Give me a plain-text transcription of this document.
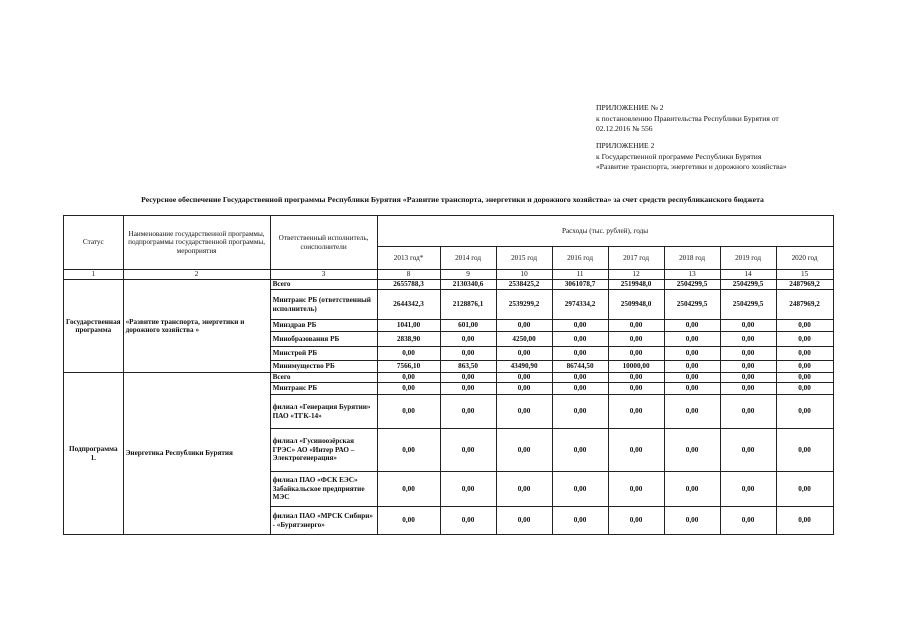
ПРИЛОЖЕНИЕ № 2
к постановлению Правительства Республики Бурятия от
02.12.2016 № 556
ПРИЛОЖЕНИЕ 2
к Государственной программе Республики Бурятия
«Развитие транспорта, энергетики и дорожного хозяйства»
Ресурсное обеспечение Государственной программы Республики Бурятия «Развитие транспорта, энергетики и дорожного хозяйства» за счет средств республиканского бюджета
Статус	Наименование государственной программы, подпрограммы государственной программы, мероприятия	Ответственный исполнитель, соисполнители	Расходы (тыс. рублей), годы							
			2013 год*	2014 год	2015 год	2016 год	2017 год	2018 год	2019 год	2020 год
1	2	3	8	9	10	11	12	13	14	15
Государственная программа	«Развитие транспорта, энергетики и дорожного хозяйства »	Всего	2655788,3	2130340,6	2538425,2	3061078,7	2519948,0	2504299,5	2504299,5	2487969,2
		Минтранс РБ (ответственный исполнитель)	2644342,3	2128876,1	2539299,2	2974334,2	2509948,0	2504299,5	2504299,5	2487969,2
		Минздрав РБ	1041,00	601,00	0,00	0,00	0,00	0,00	0,00	0,00
		Минобразования РБ	2838,90	0,00	4250,00	0,00	0,00	0,00	0,00	0,00
		Минстрой РБ	0,00	0,00	0,00	0,00	0,00	0,00	0,00	0,00
		Минимущество РБ	7566,10	863,50	43490,90	86744,50	10000,00	0,00	0,00	0,00
Подпрограмма 1.	Энергетика Республики Бурятия	Всего	0,00	0,00	0,00	0,00	0,00	0,00	0,00	0,00
		Минтранс РБ	0,00	0,00	0,00	0,00	0,00	0,00	0,00	0,00
		филиал «Генерация Бурятии» ПАО «ТГК-14»	0,00	0,00	0,00	0,00	0,00	0,00	0,00	0,00
		филиал «Гусиноозёрская ГРЭС» АО «Интер РАО – Электрогенерация»	0,00	0,00	0,00	0,00	0,00	0,00	0,00	0,00
		филиал ПАО «ФСК ЕЭС» Забайкальское предприятие МЭС	0,00	0,00	0,00	0,00	0,00	0,00	0,00	0,00
		филиал ПАО «МРСК Сибири» - «Бурятэнерго»	0,00	0,00	0,00	0,00	0,00	0,00	0,00	0,00
